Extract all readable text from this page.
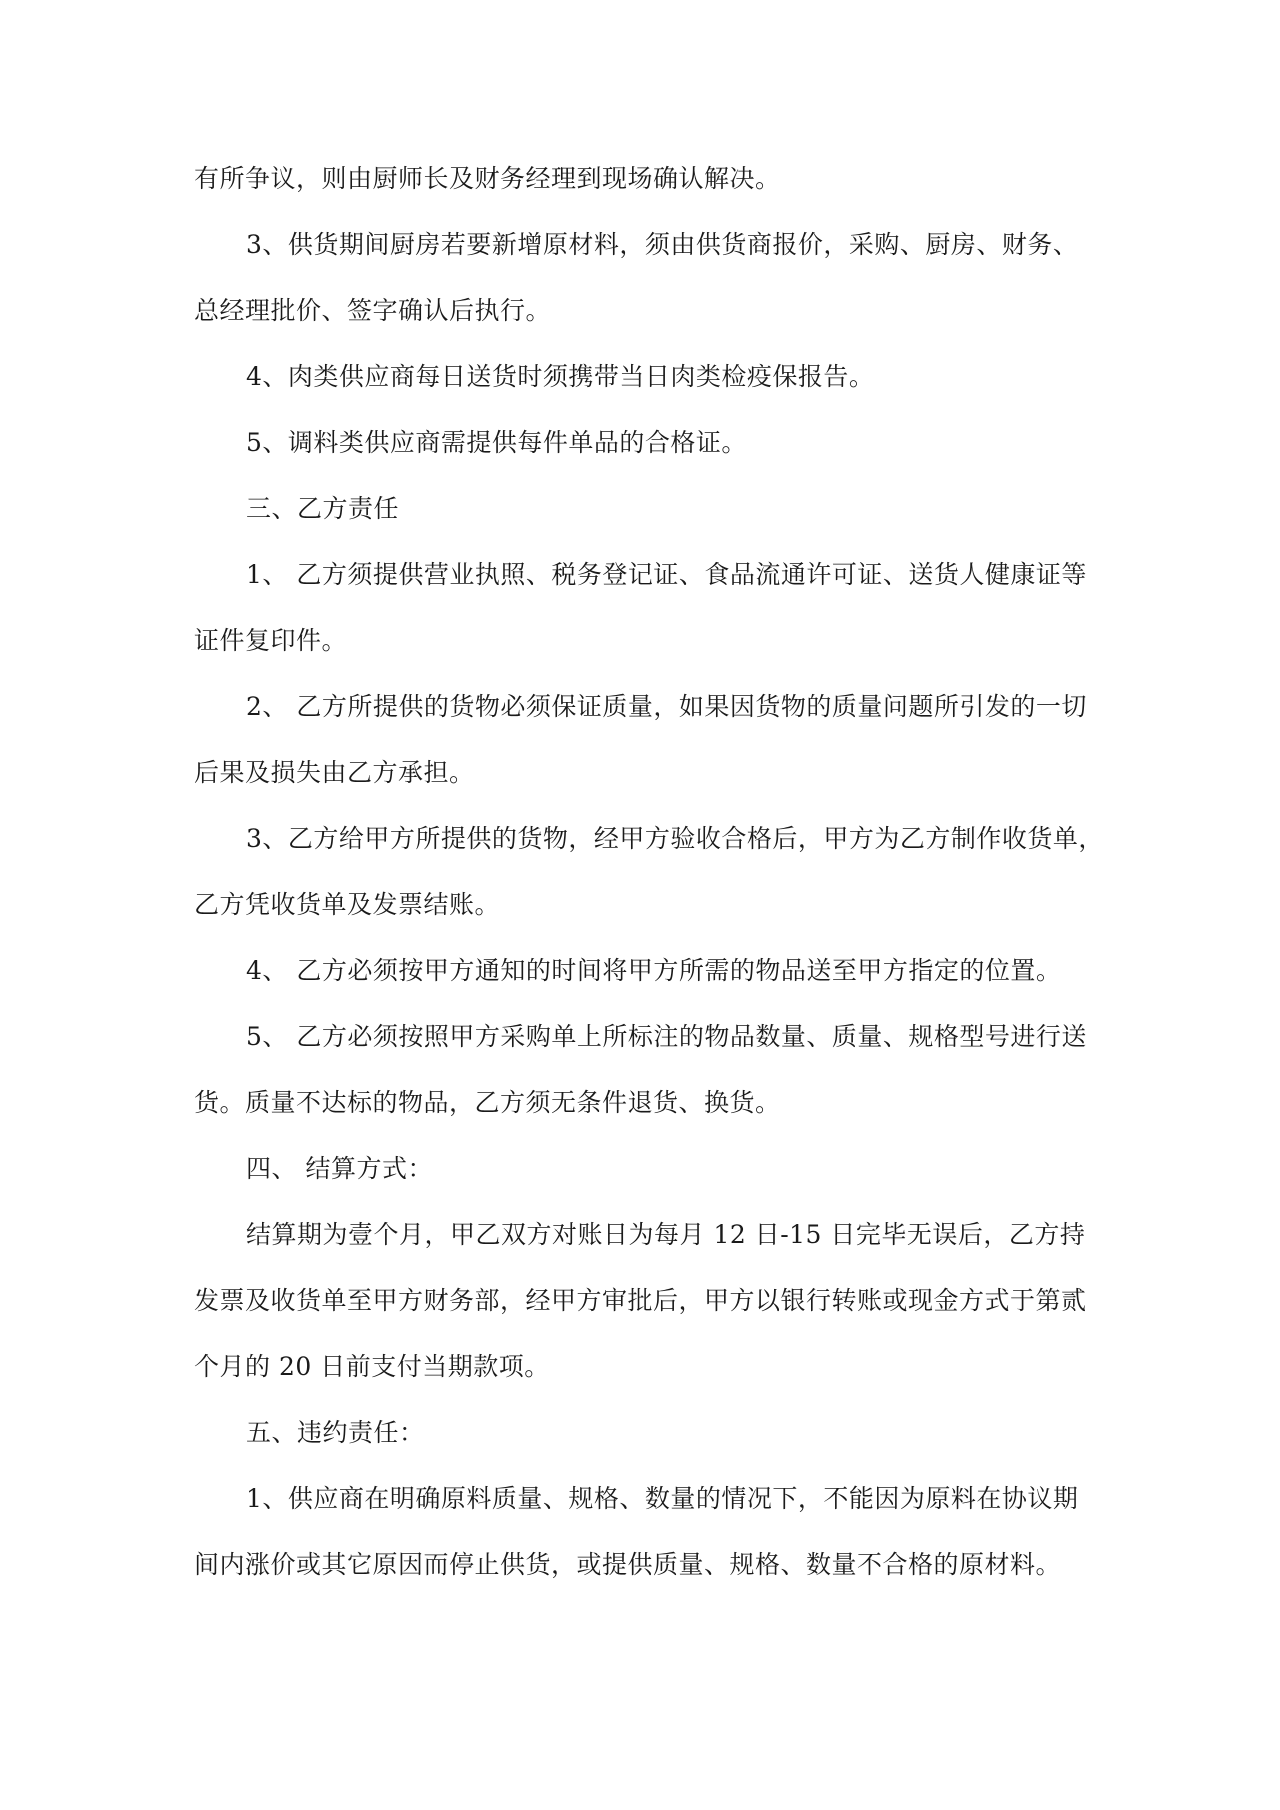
有所争议，则由厨师长及财务经理到现场确认解决。

3、供货期间厨房若要新增原材料，须由供货商报价，采购、厨房、财务、

总经理批价、签字确认后执行。

4、肉类供应商每日送货时须携带当日肉类检疫保报告。

5、调料类供应商需提供每件单品的合格证。

三、乙方责任

1、 乙方须提供营业执照、税务登记证、食品流通许可证、送货人健康证等

证件复印件。

2、 乙方所提供的货物必须保证质量，如果因货物的质量问题所引发的一切

后果及损失由乙方承担。

3、乙方给甲方所提供的货物，经甲方验收合格后，甲方为乙方制作收货单，

乙方凭收货单及发票结账。

4、 乙方必须按甲方通知的时间将甲方所需的物品送至甲方指定的位置。

5、 乙方必须按照甲方采购单上所标注的物品数量、质量、规格型号进行送

货。质量不达标的物品，乙方须无条件退货、换货。

四、 结算方式：

结算期为壹个月，甲乙双方对账日为每月 12 日-15 日完毕无误后，乙方持

发票及收货单至甲方财务部，经甲方审批后，甲方以银行转账或现金方式于第贰

个月的 20 日前支付当期款项。

五、违约责任：

1、供应商在明确原料质量、规格、数量的情况下，不能因为原料在协议期

间内涨价或其它原因而停止供货，或提供质量、规格、数量不合格的原材料。
